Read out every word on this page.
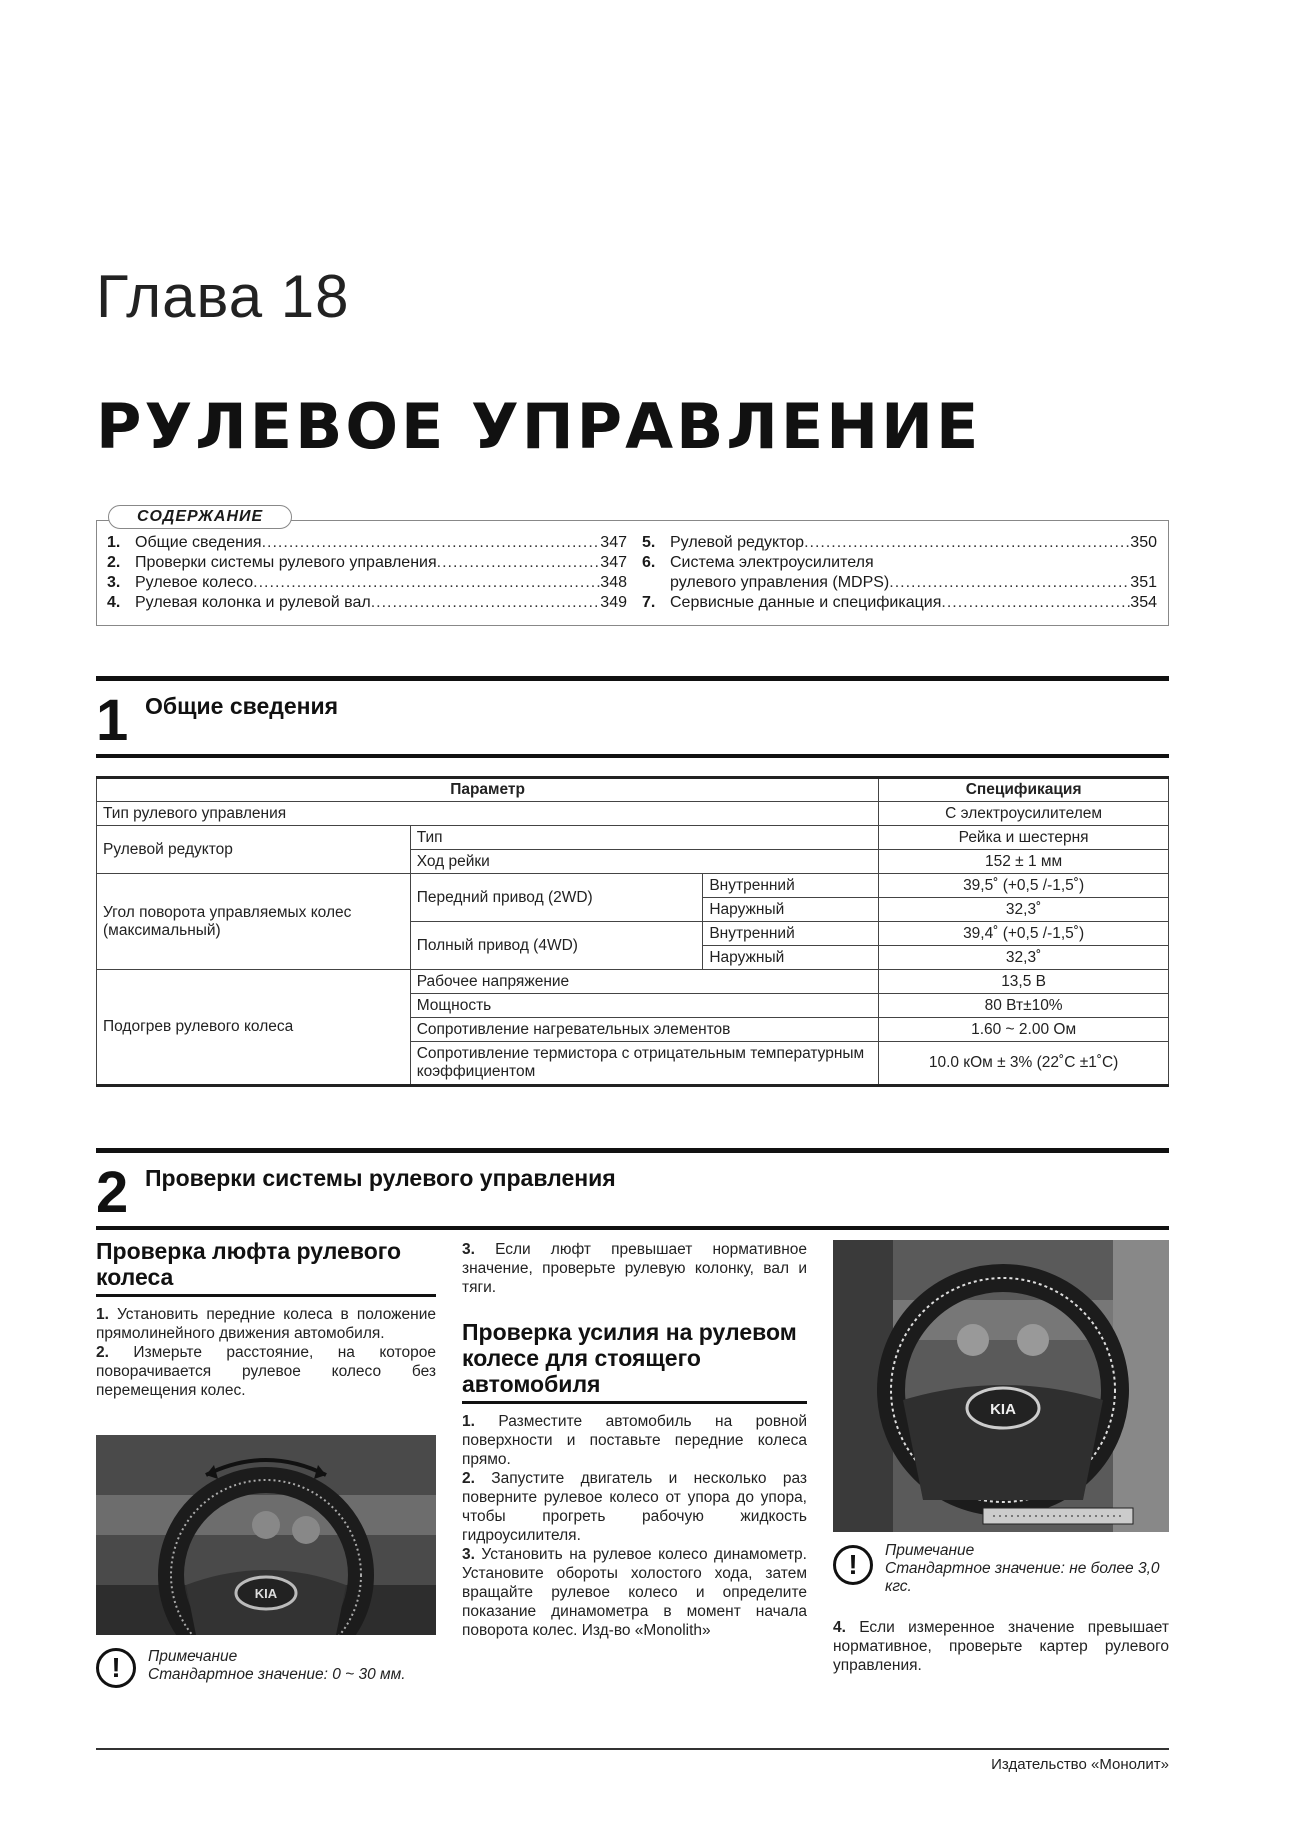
Глава 18
РУЛЕВОЕ УПРАВЛЕНИЕ
1. Общие сведения .....	347
2. Проверки системы рулевого управления .....	347
3. Рулевое колесо .....	348
4. Рулевая колонка и рулевой вал .....	349
5. Рулевой редуктор .....	350
6. Система электроусилителя
рулевого управления (MDPS) .....	351
7. Сервисные данные и спецификация .....	354
СОДЕРЖАНИЕ
1 Общие сведения
Параметр			Спецификация
Тип рулевого управления			С электроусилителем
Рулевой редуктор	Тип		Рейка и шестерня
	Ход рейки		152 ± 1 мм
Угол поворота управляемых колес (максимальный)	Передний привод (2WD)	Внутренний	39,5˚ (+0,5 /-1,5˚)
		Наружный	32,3˚
	Полный привод (4WD)	Внутренний	39,4˚ (+0,5 /-1,5˚)
		Наружный	32,3˚
Подогрев рулевого колеса	Рабочее напряжение		13,5 В
	Мощность		80 Вт±10%
	Сопротивление нагревательных элементов		1.60 ~ 2.00 Ом
	Сопротивление термистора с отрицательным температурным коэффициентом		10.0 кОм ± 3% (22˚C ±1˚C)
2 Проверки системы рулевого управления
Проверка люфта рулевого колеса
1. Установить передние колеса в положение прямолинейного движения автомобиля.
2. Измерьте расстояние, на которое поворачивается рулевое колесо без перемещения колес.
KIA
!	Примечание
Стандартное значение: 0 ~ 30 мм.
3. Если люфт превышает нормативное значение, проверьте рулевую колонку, вал и тяги.
Проверка усилия на рулевом колесе для стоящего автомобиля
1. Разместите автомобиль на ровной поверхности и поставьте передние колеса прямо.
2. Запустите двигатель и несколько раз поверните рулевое колесо от упора до упора, чтобы прогреть рабочую жидкость гидроусилителя.
3. Установить на рулевое колесо динамометр. Установите обороты холостого хода, затем вращайте рулевое колесо и определите показание динамометра в момент начала поворота колес. Изд-во «Monolith»
KIA
!	Примечание
Стандартное значение: не более 3,0 кгс.
4. Если измеренное значение превышает нормативное, проверьте картер рулевого управления.
Издательство «Монолит»
